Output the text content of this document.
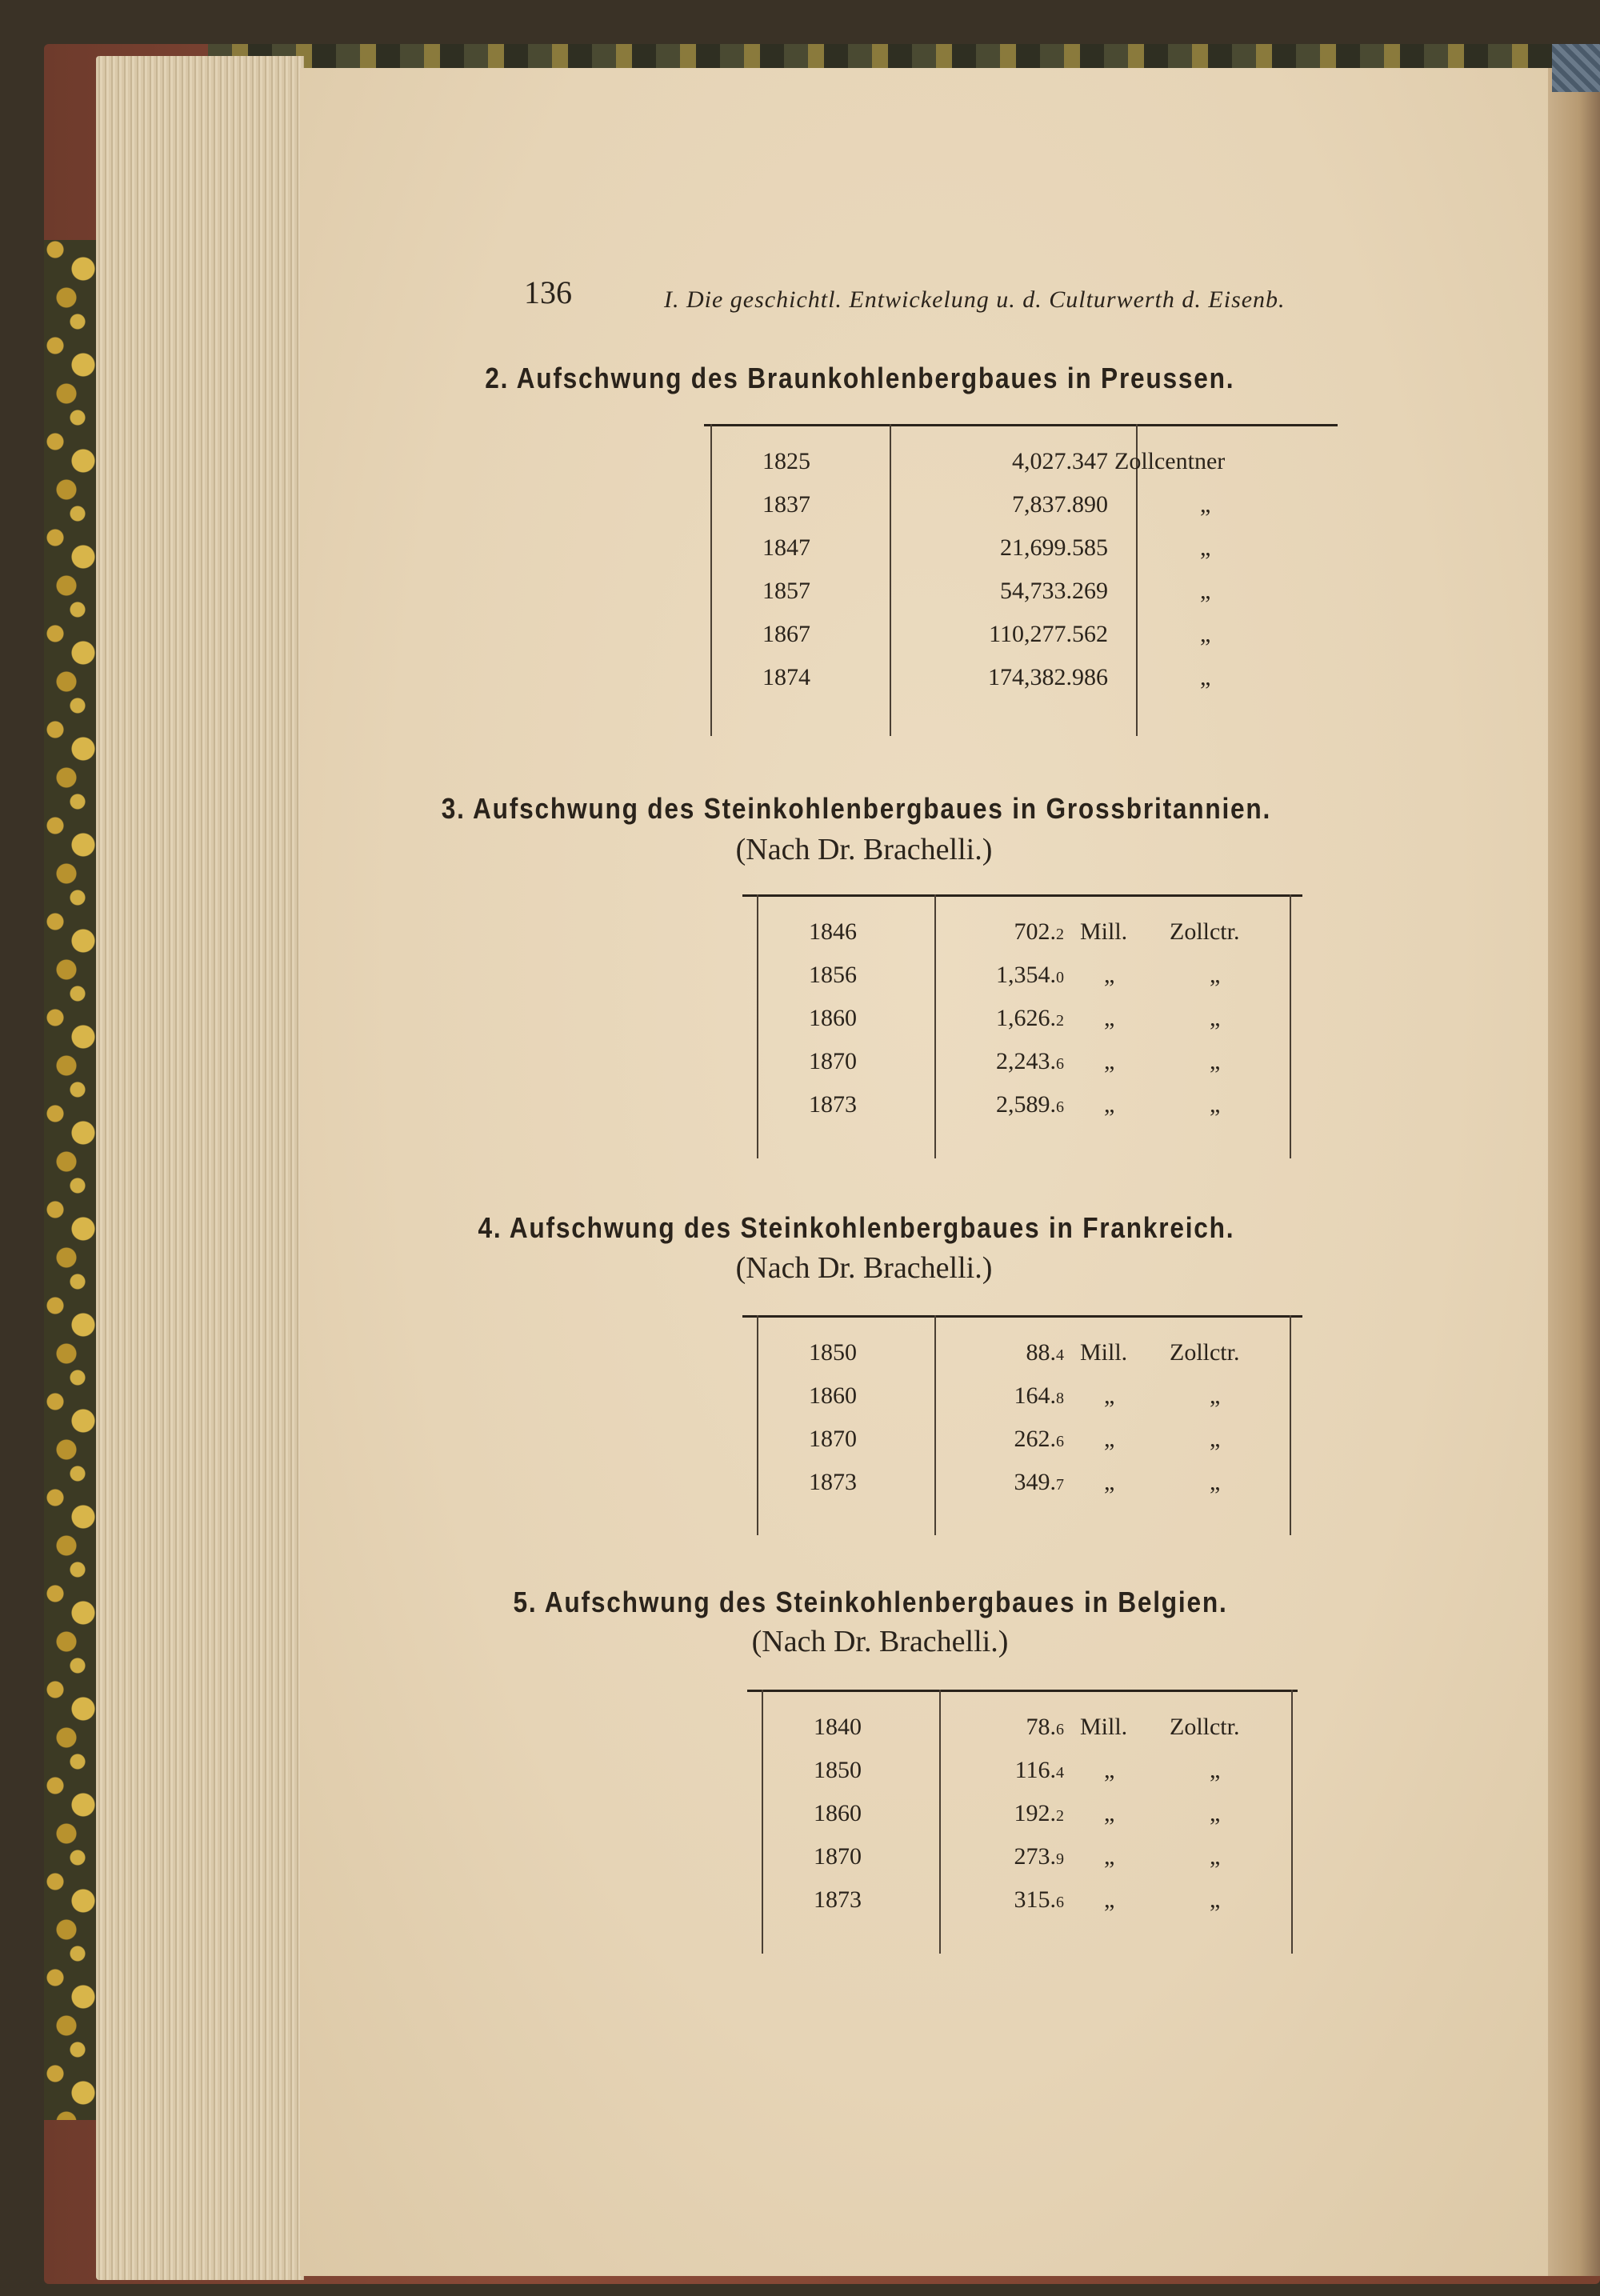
136	I. Die geschichtl. Entwickelung u. d. Culturwerth d. Eisenb.
2. Aufschwung des Braunkohlenbergbaues in Preussen.
3. Aufschwung des Steinkohlenbergbaues in Grossbritannien.
(Nach Dr. Brachelli.)
4. Aufschwung des Steinkohlenbergbaues in Frankreich.
(Nach Dr. Brachelli.)
5. Aufschwung des Steinkohlenbergbaues in Belgien.
(Nach Dr. Brachelli.)
1825	4,027.347 Zollcentner
1837	7,837.890	„
1847	21,699.585	„
1857	54,733.269	„
1867	110,277.562	„
1874	174,382.986	„
1846	702.2 Mill. Zollctr.
1856	1,354.0 „	„
1860	1,626.2 „	„
1870	2,243.6 „	„
1873	2,589.6 „	„
1850	88.4 Mill. Zollctr.
1860	164.8 „	„
1870	262.6 „	„
1873	349.7 „	„
1840	78.6 Mill. Zollctr.
1850	116.4 „	„
1860	192.2 „	„
1870	273.9 „	„
1873	315.6 „	„
